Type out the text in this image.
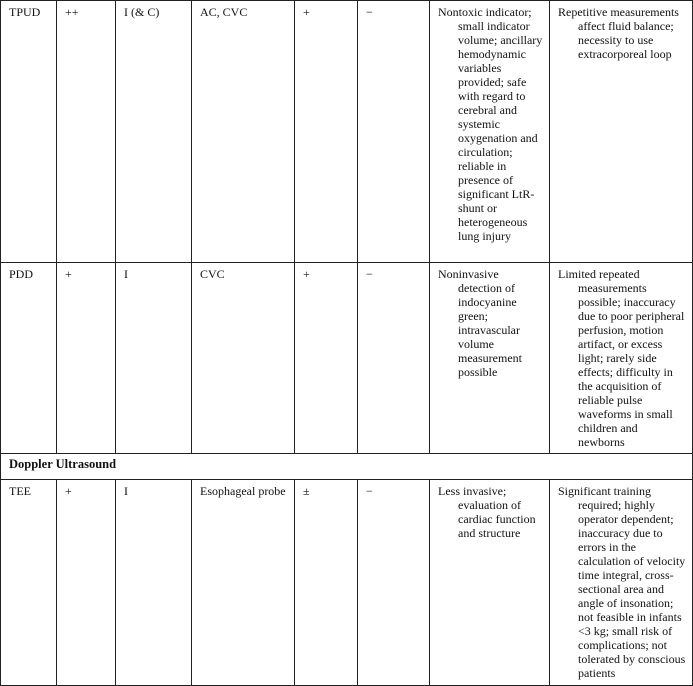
TPUD	++	I (& C)	AC, CVC	+	−	Nontoxic indicator; small indicator volume; ancillary hemodynamic variables provided; safe with regard to cerebral and systemic oxygenation and circulation; reliable in presence of significant LtR-shunt or heterogeneous lung injury	Repetitive measurements affect fluid balance; necessity to use extracorporeal loop

PDD	+	I	CVC	+	−	Noninvasive detection of indocyanine green; intravascular volume measurement possible	Limited repeated measurements possible; inaccuracy due to poor peripheral perfusion, motion artifact, or excess light; rarely side effects; difficulty in the acquisition of reliable pulse waveforms in small children and newborns

Doppler Ultrasound							
TEE	+	I	Esophageal probe	±	−	Less invasive; evaluation of cardiac function and structure	Significant training required; highly operator dependent; inaccuracy due to errors in the calculation of velocity time integral, cross-sectional area and angle of insonation; not feasible in infants <3 kg; small risk of complications; not tolerated by conscious patients
